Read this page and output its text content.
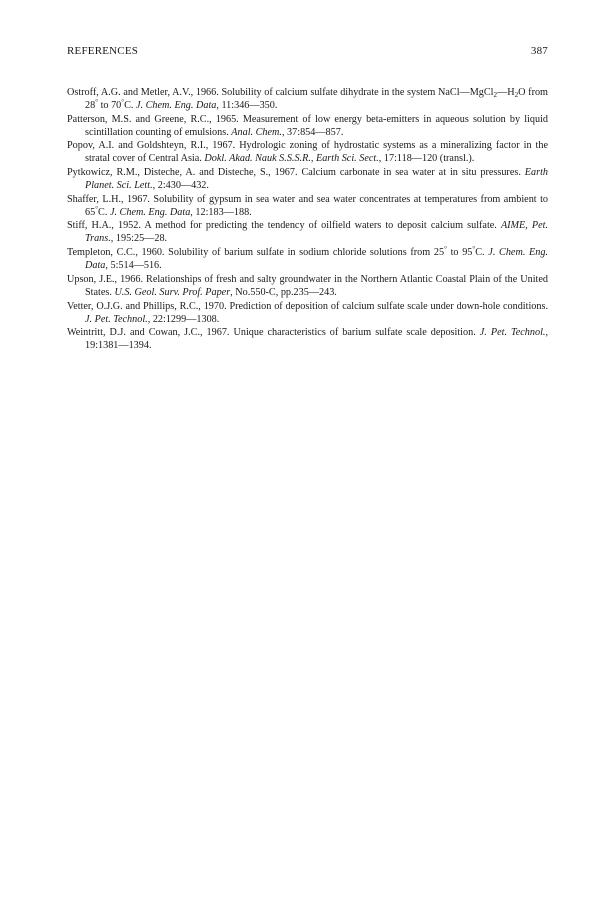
REFERENCES	387
Ostroff, A.G. and Metler, A.V., 1966. Solubility of calcium sulfate dihydrate in the system $NaCl—MgCl_2—H_2O$ from 28° to 70°C. J. Chem. Eng. Data, 11:346—350.
Patterson, M.S. and Greene, R.C., 1965. Measurement of low energy beta-emitters in aqueous solution by liquid scintillation counting of emulsions. Anal. Chem., 37:854—857.
Popov, A.I. and Goldshteyn, R.I., 1967. Hydrologic zoning of hydrostatic systems as a mineralizing factor in the stratal cover of Central Asia. Dokl. Akad. Nauk S.S.S.R., Earth Sci. Sect., 17:118—120 (transl.).
Pytkowicz, R.M., Disteche, A. and Disteche, S., 1967. Calcium carbonate in sea water at in situ pressures. Earth Planet. Sci. Lett., 2:430—432.
Shaffer, L.H., 1967. Solubility of gypsum in sea water and sea water concentrates at temperatures from ambient to 65°C. J. Chem. Eng. Data, 12:183—188.
Stiff, H.A., 1952. A method for predicting the tendency of oilfield waters to deposit calcium sulfate. AIME, Pet. Trans., 195:25—28.
Templeton, C.C., 1960. Solubility of barium sulfate in sodium chloride solutions from 25° to 95°C. J. Chem. Eng. Data, 5:514—516.
Upson, J.E., 1966. Relationships of fresh and salty groundwater in the Northern Atlantic Coastal Plain of the United States. U.S. Geol. Surv. Prof. Paper, No.550-C, pp.235—243.
Vetter, O.J.G. and Phillips, R.C., 1970. Prediction of deposition of calcium sulfate scale under down-hole conditions. J. Pet. Technol., 22:1299—1308.
Weintritt, D.J. and Cowan, J.C., 1967. Unique characteristics of barium sulfate scale deposition. J. Pet. Technol., 19:1381—1394.
